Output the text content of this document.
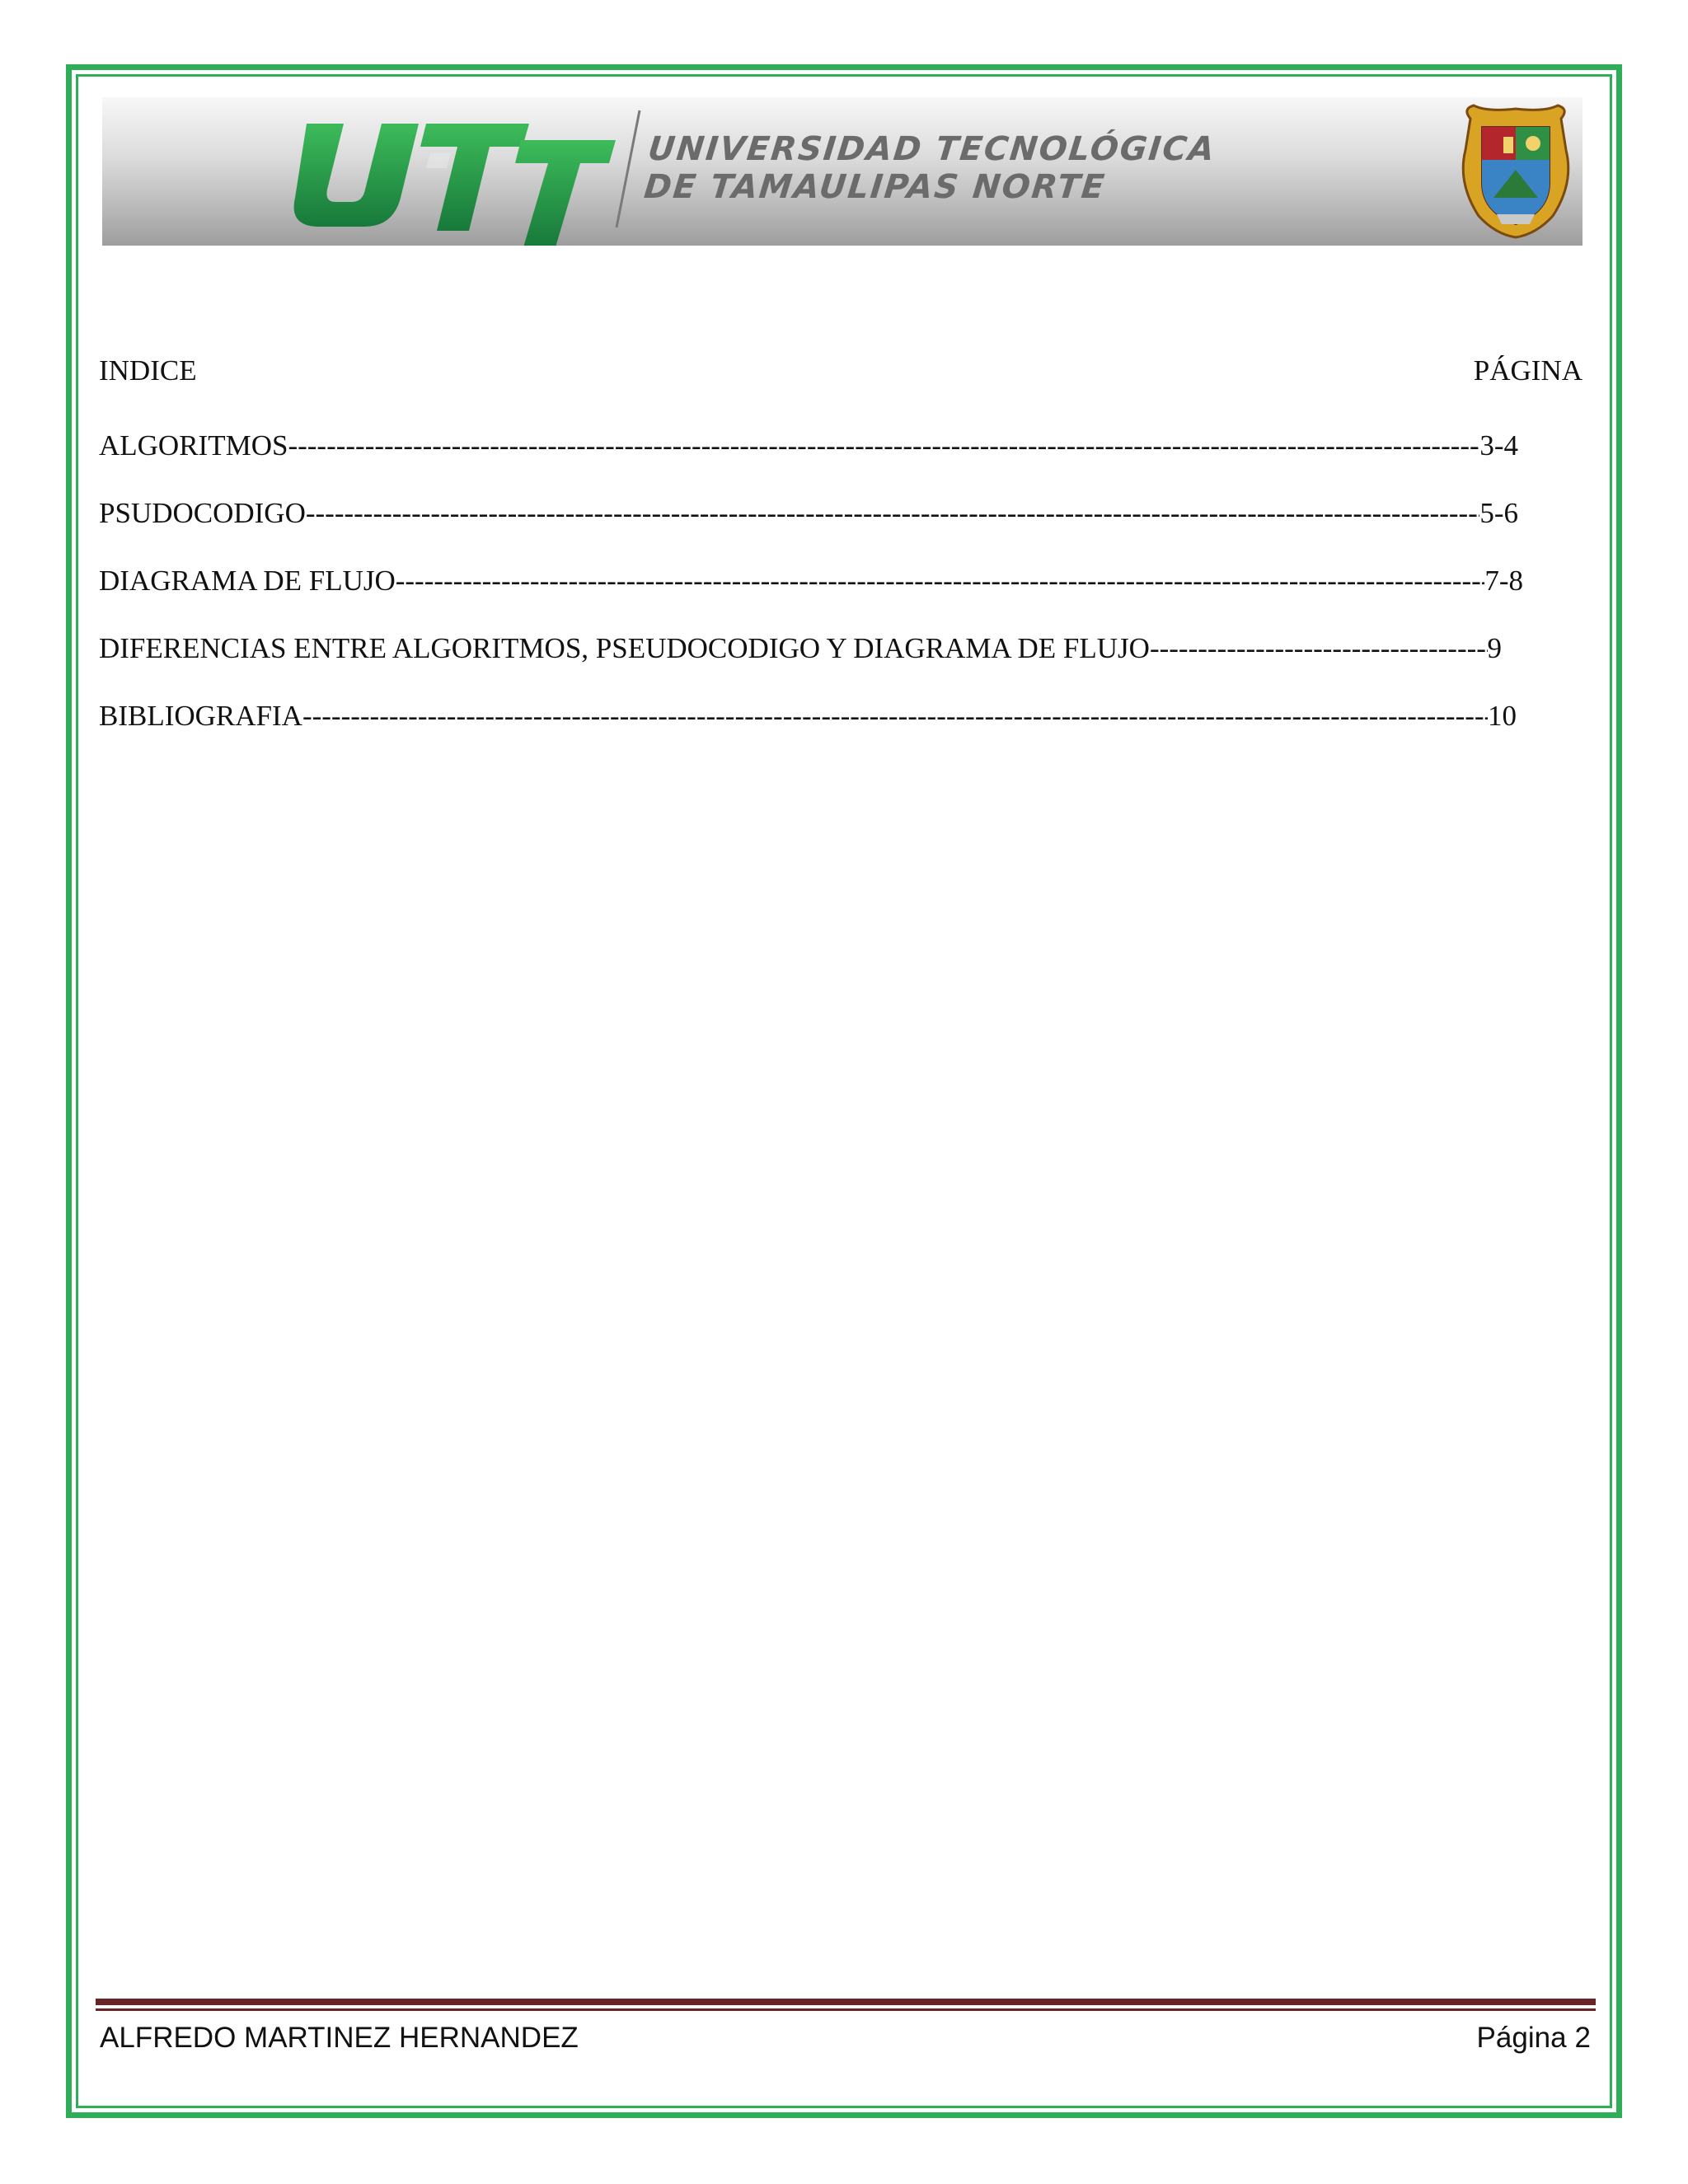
UNIVERSIDAD TECNOLÓGICA
DE TAMAULIPAS NORTE
INDICE	PÁGINA
ALGORITMOS -----	3-4
PSUDOCODIGO -----	5-6
DIAGRAMA DE FLUJO -----	7-8
DIFERENCIAS ENTRE ALGORITMOS, PSEUDOCODIGO Y DIAGRAMA DE FLUJO -----	9
BIBLIOGRAFIA -----	10
ALFREDO MARTINEZ HERNANDEZ	Página 2
